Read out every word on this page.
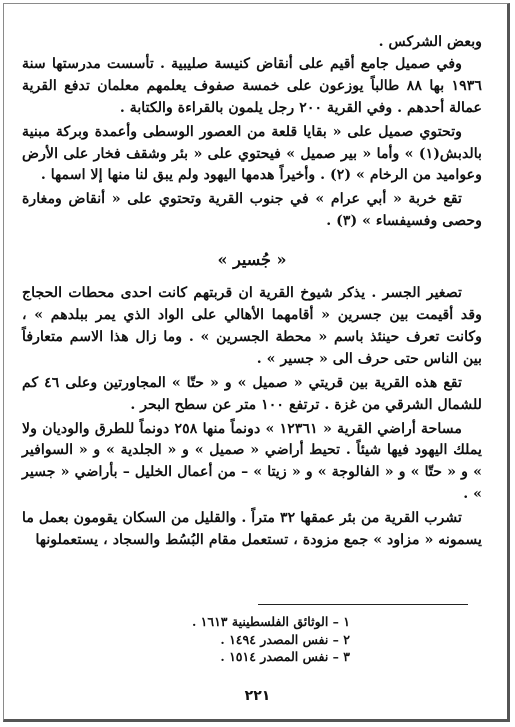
وبعض الشركس .

وفي صميل جامع أقيم على أنقاض كنيسة صليبية . تأسست مدرستها سنة ١٩٣٦ بها ٨٨ طالباً يوزعون على خمسة صفوف يعلمهم معلمان تدفع القرية عمالة أحدهم . وفي القرية ٢٠٠ رجل يلمون بالقراءة والكتابة .

وتحتوي صميل على « بقايا قلعة من العصور الوسطى وأعمدة وبركة مبنية بالدبش(١) » وأما « بير صميل » فيحتوي على « بئر وشقف فخار على الأرض وعواميد من الرخام » (٢) . وأخيراً هدمها اليهود ولم يبق لنا منها إلا اسمها .

تقع خربة « أبي عرام » في جنوب القرية وتحتوي على « أنقاض ومغارة وحصى وفسيفساء » (٣) .

« جُسير »

تصغير الجسر . يذكر شيوخ القرية ان قربتهم كانت احدى محطات الحجاج وقد أقيمت بين جسرين « أقامهما الأهالي على الواد الذي يمر ببلدهم » ، وكانت تعرف حينئذ باسم « محطة الجسرين » . وما زال هذا الاسم متعارفاً بين الناس حتى حرف الى « جسير » .

تقع هذه القرية بين قريتي « صميل » و « حتّا » المجاورتين وعلى ٤٦ كم للشمال الشرقي من غزة . ترتفع ١٠٠ متر عن سطح البحر .

مساحة أراضي القرية « ١٢٣٦١ » دونماً منها ٢٥٨ دونماً للطرق والوديان ولا يملك اليهود فيها شيئاً . تحيط أراضي « صميل » و « الجلدية » و « السوافير » و « حتّا » و « الفالوجة » و « زيتا » – من أعمال الخليل – بأراضي « جسير » .

تشرب القرية من بئر عمقها ٣٢ متراً . والقليل من السكان يقومون بعمل ما يسمونه « مزاود » جمع مزودة ، تستعمل مقام البُسُط والسجاد ، يستعملونها

١ – الوثائق الفلسطينية ١٦١٣ .
٢ – نفس المصدر ١٤٩٤ .
٣ – نفس المصدر ١٥١٤ .
٢٢١
